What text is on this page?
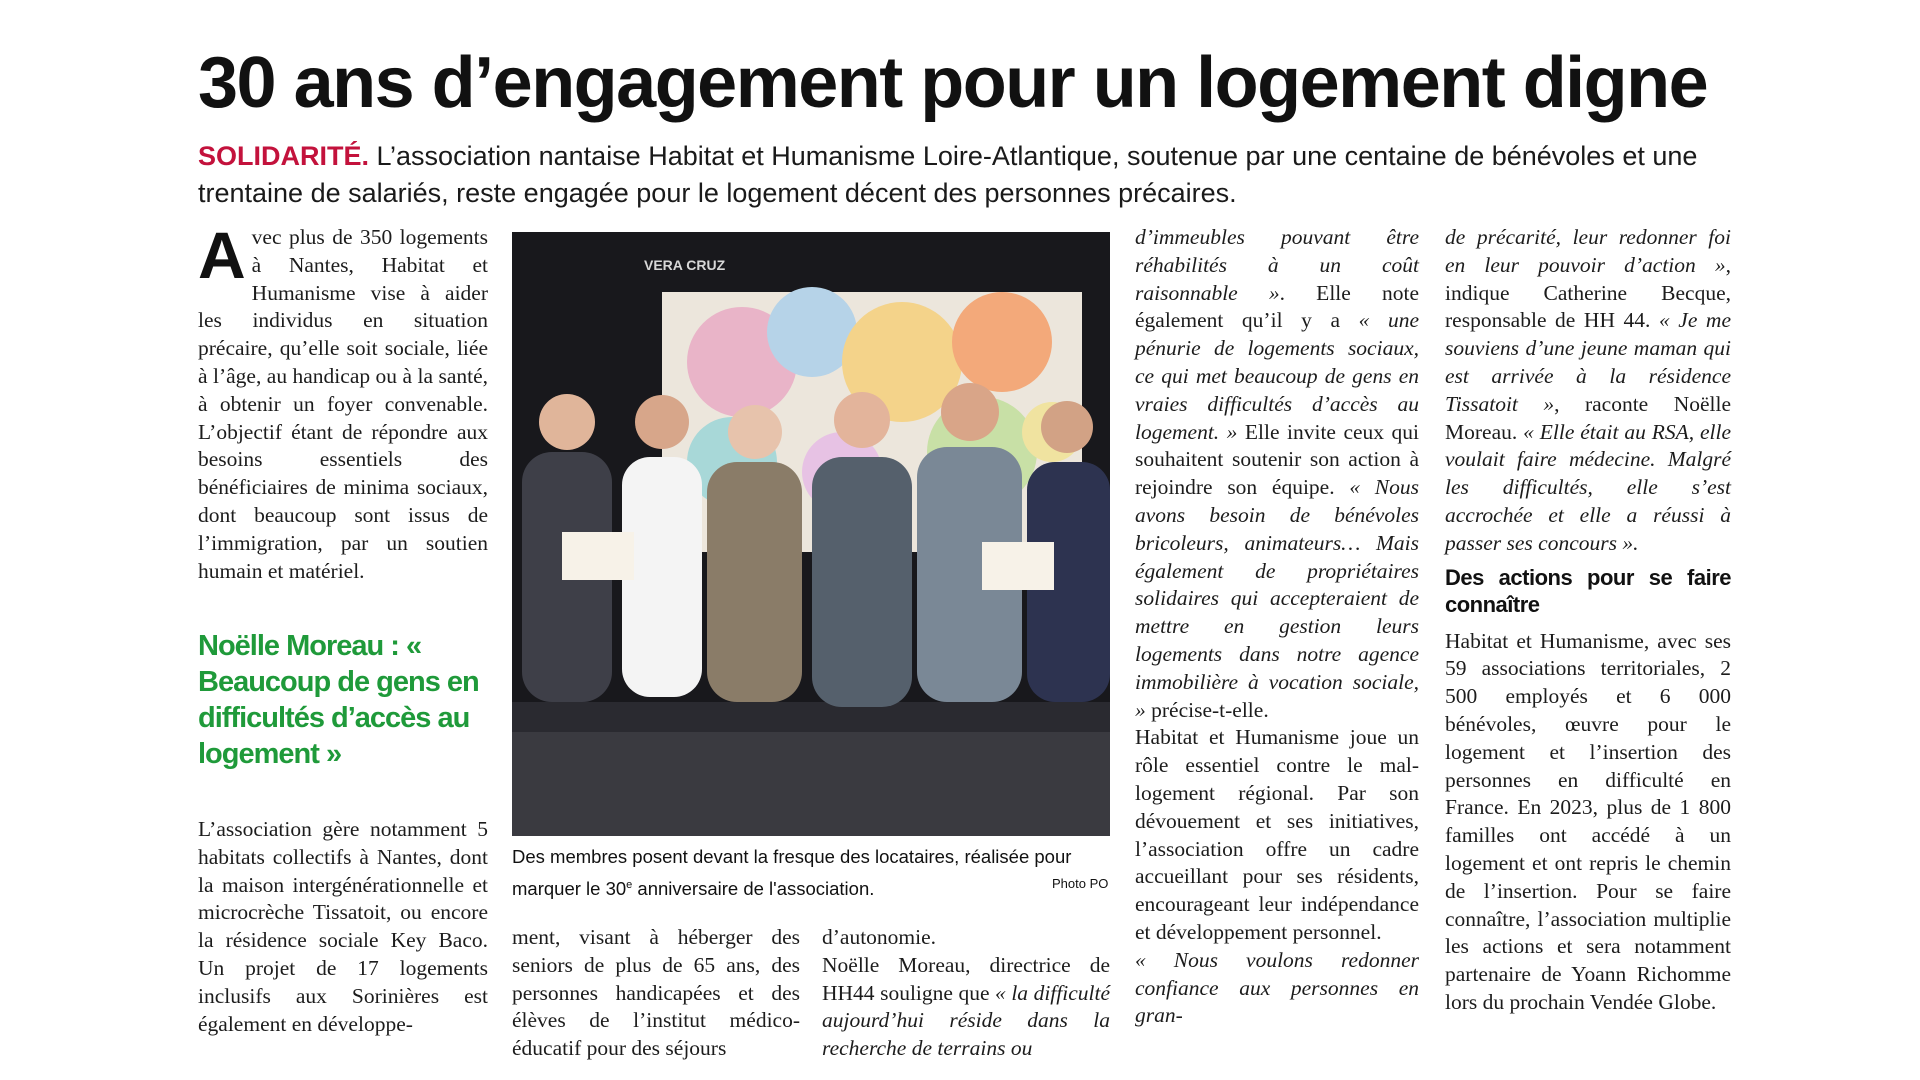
30 ans d’engagement pour un logement digne

SOLIDARITÉ. L’association nantaise Habitat et Humanisme Loire-Atlantique, soutenue par une centaine de bénévoles et une trentaine de salariés, reste engagée pour le logement décent des personnes précaires.

Avec plus de 350 logements à Nantes, Habitat et Humanisme vise à aider les individus en situation précaire, qu’elle soit sociale, liée à l’âge, au handicap ou à la santé, à obtenir un foyer convenable. L’objectif étant de répondre aux besoins essentiels des bénéficiaires de minima sociaux, dont beaucoup sont issus de l’immigration, par un soutien humain et matériel.

Noëlle Moreau : « Beaucoup de gens en difficultés d’accès au logement »

L’association gère notamment 5 habitats collectifs à Nantes, dont la maison intergénérationnelle et microcrèche Tissatoit, ou encore la résidence sociale Key Baco. Un projet de 17 logements inclusifs aux Sorinières est également en développe-

VERA CRUZ

Des membres posent devant la fresque des locataires, réalisée pour
marquer le 30e anniversaire de l'association.	Photo PO

ment, visant à héberger des seniors de plus de 65 ans, des personnes handicapées et des élèves de l’institut médico-éducatif pour des séjours

d’autonomie.

Noëlle Moreau, directrice de HH44 souligne que « la difficulté aujourd’hui réside dans la recherche de terrains ou

d’immeubles pouvant être réhabilités à un coût raisonnable ». Elle note également qu’il y a « une pénurie de logements sociaux, ce qui met beaucoup de gens en vraies difficultés d’accès au logement. » Elle invite ceux qui souhaitent soutenir son action à rejoindre son équipe. « Nous avons besoin de bénévoles bricoleurs, animateurs… Mais également de propriétaires solidaires qui accepteraient de mettre en gestion leurs logements dans notre agence immobilière à vocation sociale, » précise-t-elle.

Habitat et Humanisme joue un rôle essentiel contre le mal-logement régional. Par son dévouement et ses initiatives, l’association offre un cadre accueillant pour ses résidents, encourageant leur indépendance et développement personnel.

« Nous voulons redonner confiance aux personnes en gran-

de précarité, leur redonner foi en leur pouvoir d’action », indique Catherine Becque, responsable de HH 44. « Je me souviens d’une jeune maman qui est arrivée à la résidence Tissatoit », raconte Noëlle Moreau. « Elle était au RSA, elle voulait faire médecine. Malgré les difficultés, elle s’est accrochée et elle a réussi à passer ses concours ».

Des actions pour se faire connaître

Habitat et Humanisme, avec ses 59 associations territoriales, 2 500 employés et 6 000 bénévoles, œuvre pour le logement et l’insertion des personnes en difficulté en France. En 2023, plus de 1 800 familles ont accédé à un logement et ont repris le chemin de l’insertion. Pour se faire connaître, l’association multiplie les actions et sera notamment partenaire de Yoann Richomme lors du prochain Vendée Globe.
